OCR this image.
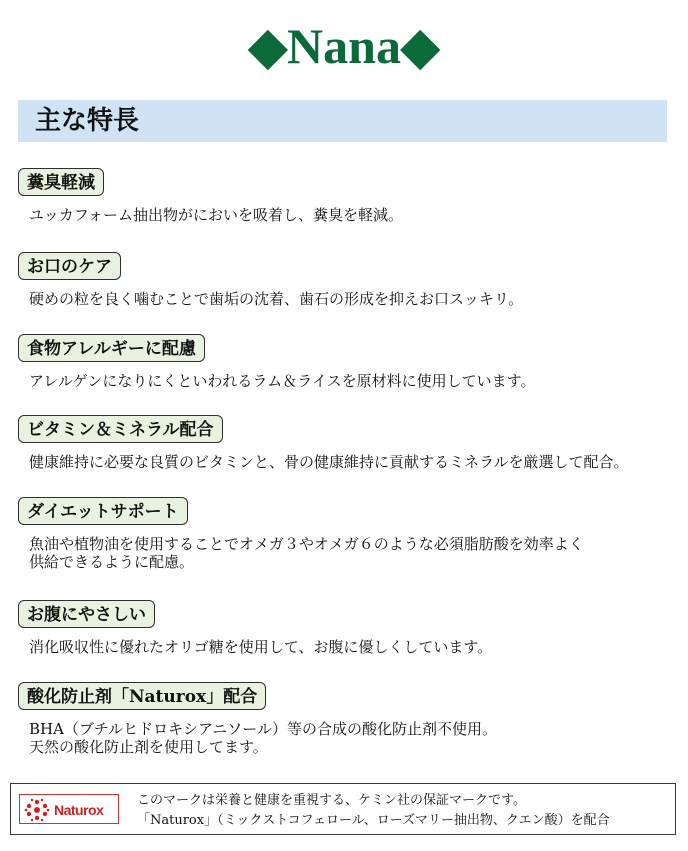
◆Nana◆
主な特長
糞臭軽減
ユッカフォーム抽出物がにおいを吸着し、糞臭を軽減。
お口のケア
硬めの粒を良く噛むことで歯垢の沈着、歯石の形成を抑えお口スッキリ。
食物アレルギーに配慮
アレルゲンになりにくといわれるラム＆ライスを原材料に使用しています。
ビタミン＆ミネラル配合
健康維持に必要な良質のビタミンと、骨の健康維持に貢献するミネラルを厳選して配合。
ダイエットサポート
魚油や植物油を使用することでオメガ３やオメガ６のような必須脂肪酸を効率よく
供給できるように配慮。
お腹にやさしい
消化吸収性に優れたオリゴ糖を使用して、お腹に優しくしています。
酸化防止剤「Naturox」配合
BHA（ブチルヒドロキシアニソール）等の合成の酸化防止剤不使用。
天然の酸化防止剤を使用してます。
Naturox
このマークは栄養と健康を重視する、ケミン社の保証マークです。
「Naturox」（ミックストコフェロール、ローズマリー抽出物、クエン酸）を配合
